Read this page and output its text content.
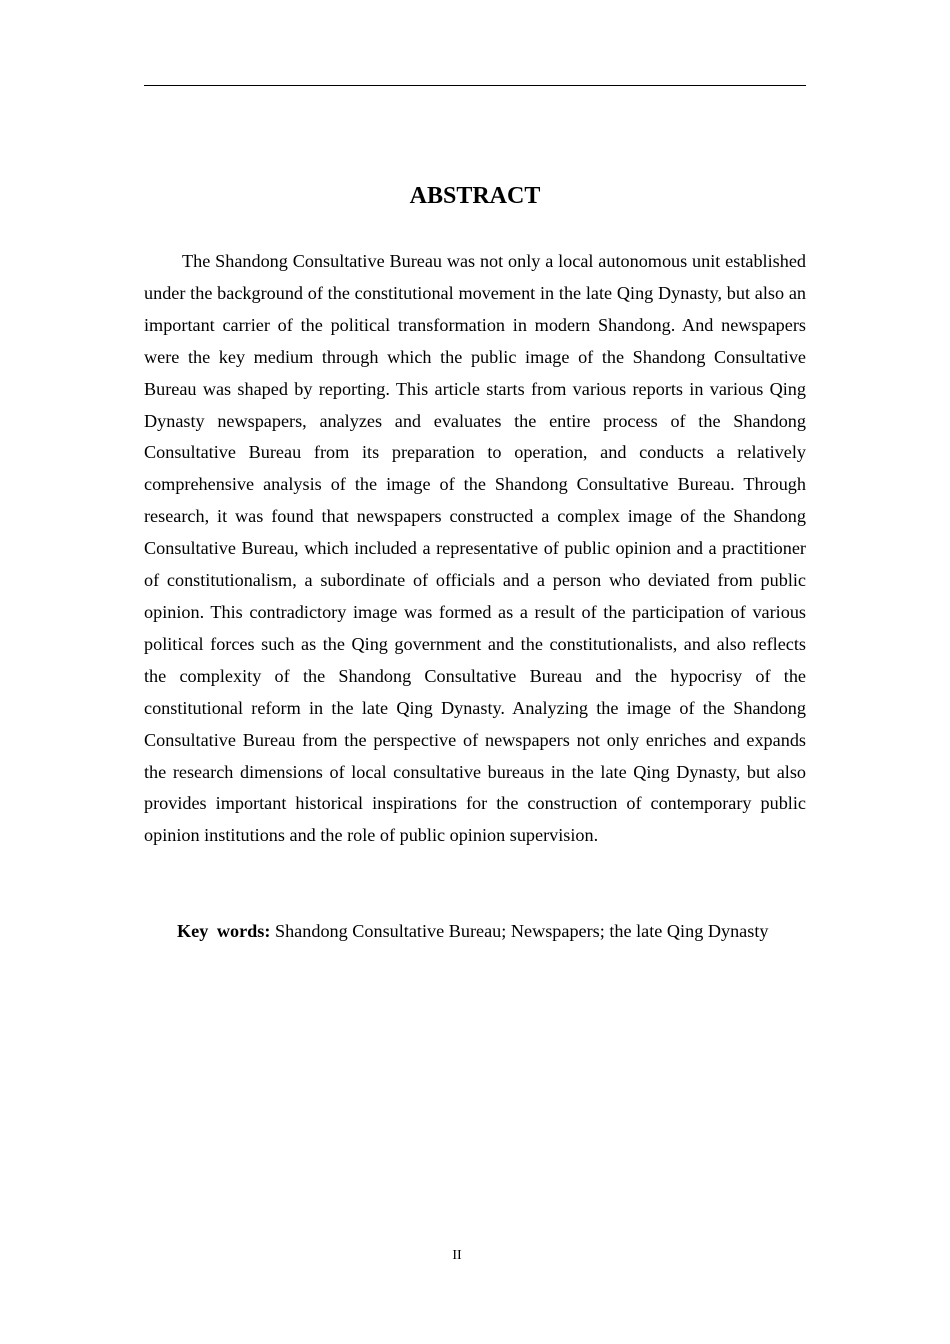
ABSTRACT

The Shandong Consultative Bureau was not only a local autonomous unit established under the background of the constitutional movement in the late Qing Dynasty, but also an important carrier of the political transformation in modern Shandong. And newspapers were the key medium through which the public image of the Shandong Consultative Bureau was shaped by reporting. This article starts from various reports in various Qing Dynasty newspapers, analyzes and evaluates the entire process of the Shandong Consultative Bureau from its preparation to operation, and conducts a relatively comprehensive analysis of the image of the Shandong Consultative Bureau. Through research, it was found that newspapers constructed a complex image of the Shandong Consultative Bureau, which included a representative of public opinion and a practitioner of constitutionalism, a subordinate of officials and a person who deviated from public opinion. This contradictory image was formed as a result of the participation of various political forces such as the Qing government and the constitutionalists, and also reflects the complexity of the Shandong Consultative Bureau and the hypocrisy of the constitutional reform in the late Qing Dynasty. Analyzing the image of the Shandong Consultative Bureau from the perspective of newspapers not only enriches and expands the research dimensions of local consultative bureaus in the late Qing Dynasty, but also provides important historical inspirations for the construction of contemporary public opinion institutions and the role of public opinion supervision.

Key words: Shandong Consultative Bureau; Newspapers; the late Qing Dynasty

II
